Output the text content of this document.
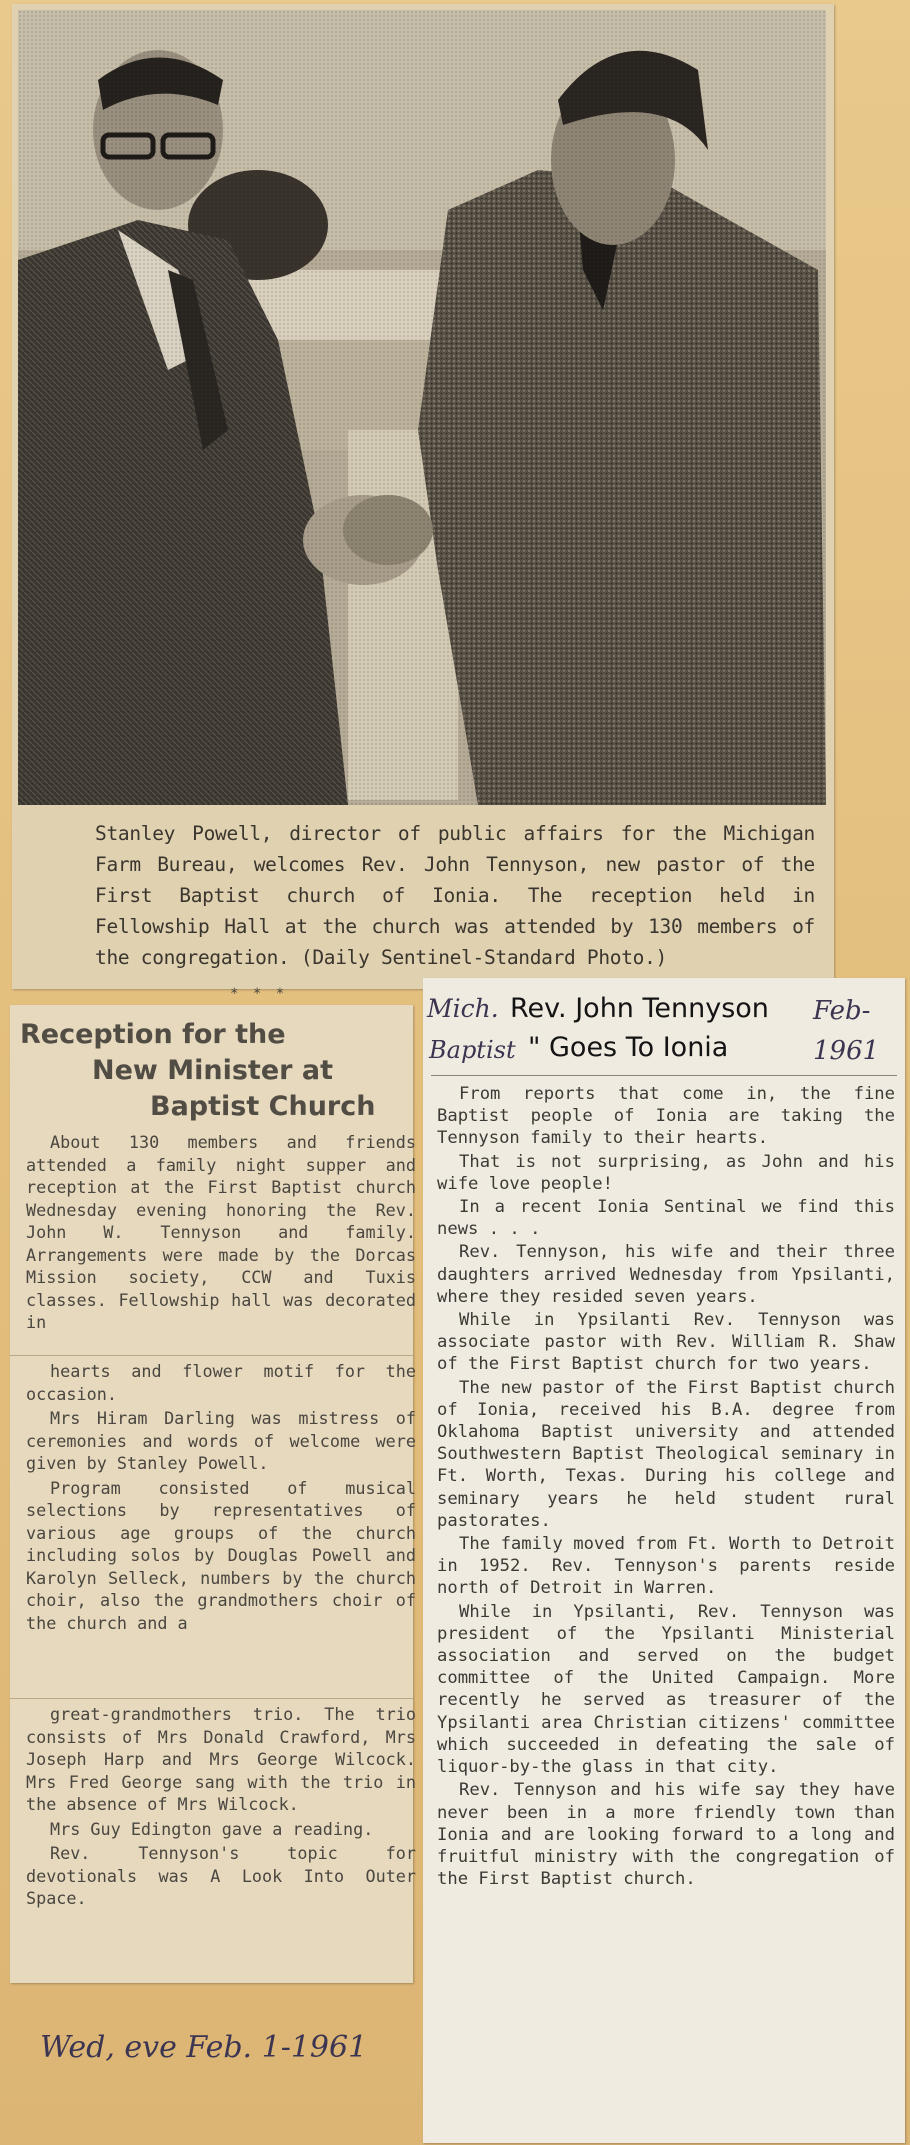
Stanley Powell, director of public affairs for the Michigan Farm Bureau, welcomes Rev. John Tennyson, new pastor of the First Baptist church of Ionia. The reception held in Fellowship Hall at the church was attended by 130 members of the congregation. (Daily Sentinel-Standard Photo.)

* * *
Reception for the
New Minister at
Baptist Church

About 130 members and friends attended a family night supper and reception at the First Baptist church Wednesday evening honoring the Rev. John W. Tennyson and family. Arrangements were made by the Dorcas Mission society, CCW and Tuxis classes. Fellowship hall was decorated in

hearts and flower motif for the occasion.

Mrs Hiram Darling was mistress of ceremonies and words of welcome were given by Stanley Powell.

Program consisted of musical selections by representatives of various age groups of the church including solos by Douglas Powell and Karolyn Selleck, numbers by the church choir, also the grandmothers choir of the church and a

great-grandmothers trio. The trio consists of Mrs Donald Crawford, Mrs Joseph Harp and Mrs George Wilcock. Mrs Fred George sang with the trio in the absence of Mrs Wilcock.

Mrs Guy Edington gave a reading.

Rev. Tennyson's topic for devotionals was A Look Into Outer Space.

Mich. Rev. John Tennyson Feb-
Baptist " Goes To Ionia	1961

From reports that come in, the fine Baptist people of Ionia are taking the Tennyson family to their hearts.

That is not surprising, as John and his wife love people!

In a recent Ionia Sentinal we find this news . . .

Rev. Tennyson, his wife and their three daughters arrived Wednesday from Ypsilanti, where they resided seven years.

While in Ypsilanti Rev. Tennyson was associate pastor with Rev. William R. Shaw of the First Baptist church for two years.

The new pastor of the First Baptist church of Ionia, received his B.A. degree from Oklahoma Baptist university and attended Southwestern Baptist Theological seminary in Ft. Worth, Texas. During his college and seminary years he held student rural pastorates.

The family moved from Ft. Worth to Detroit in 1952. Rev. Tennyson's parents reside north of Detroit in Warren.

While in Ypsilanti, Rev. Tennyson was president of the Ypsilanti Ministerial association and served on the budget committee of the United Campaign. More recently he served as treasurer of the Ypsilanti area Christian citizens' committee which succeeded in defeating the sale of liquor-by-the glass in that city.

Rev. Tennyson and his wife say they have never been in a more friendly town than Ionia and are looking forward to a long and fruitful ministry with the congregation of the First Baptist church.

Wed, eve Feb. 1-1961
